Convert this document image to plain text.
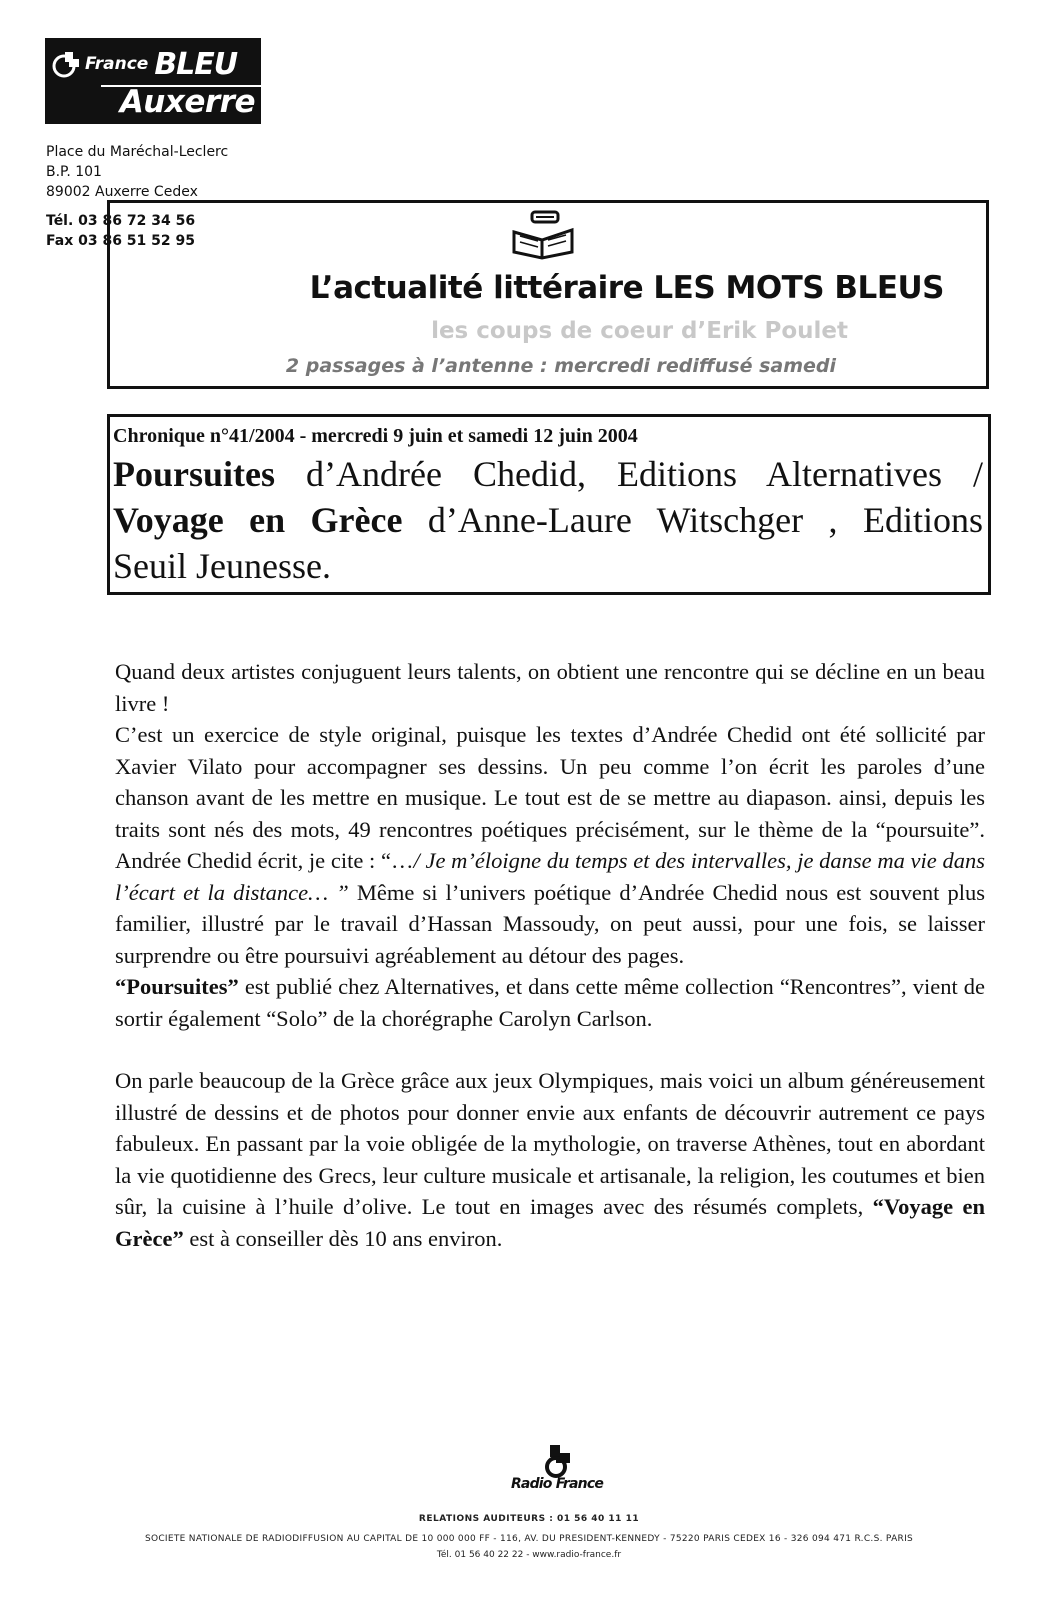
France BLEU
Auxerre
Place du Maréchal-Leclerc
B.P. 101
89002 Auxerre Cedex
Tél. 03 86 72 34 56
Fax 03 86 51 52 95
L’actualité littéraire LES MOTS BLEUS
les coups de coeur d’Erik Poulet
2 passages à l’antenne : mercredi rediffusé samedi
Chronique n°41/2004 - mercredi 9 juin et samedi 12 juin 2004
Poursuites d’Andrée Chedid, Editions Alternatives /
Voyage en Grèce d’Anne-Laure Witschger , Editions
Seuil Jeunesse.

Quand deux artistes conjuguent leurs talents, on obtient une rencontre qui se décline en un beau livre !

C’est un exercice de style original, puisque les textes d’Andrée Chedid ont été sollicité par Xavier Vilato pour accompagner ses dessins. Un peu comme l’on écrit les paroles d’une chanson avant de les mettre en musique. Le tout est de se mettre au diapason. ainsi, depuis les traits sont nés des mots, 49 rencontres poétiques précisément, sur le thème de la “poursuite”. Andrée Chedid écrit, je cite : “…/ Je m’éloigne du temps et des intervalles, je danse ma vie dans l’écart et la distance… ” Même si l’univers poétique d’Andrée Chedid nous est souvent plus familier, illustré par le travail d’Hassan Massoudy, on peut aussi, pour une fois, se laisser surprendre ou être poursuivi agréablement au détour des pages.

“Poursuites” est publié chez Alternatives, et dans cette même collection “Rencontres”, vient de sortir également “Solo” de la chorégraphe Carolyn Carlson.

On parle beaucoup de la Grèce grâce aux jeux Olympiques, mais voici un album généreusement illustré de dessins et de photos pour donner envie aux enfants de découvrir autrement ce pays fabuleux. En passant par la voie obligée de la mythologie, on traverse Athènes, tout en abordant la vie quotidienne des Grecs, leur culture musicale et artisanale, la religion, les coutumes et bien sûr, la cuisine à l’huile d’olive. Le tout en images avec des résumés complets, “Voyage en Grèce” est à conseiller dès 10 ans environ.

Radio France
RELATIONS AUDITEURS : 01 56 40 11 11
SOCIETE NATIONALE DE RADIODIFFUSION AU CAPITAL DE 10 000 000 FF - 116, AV. DU PRESIDENT-KENNEDY - 75220 PARIS CEDEX 16 - 326 094 471 R.C.S. PARIS
Tél. 01 56 40 22 22 - www.radio-france.fr
